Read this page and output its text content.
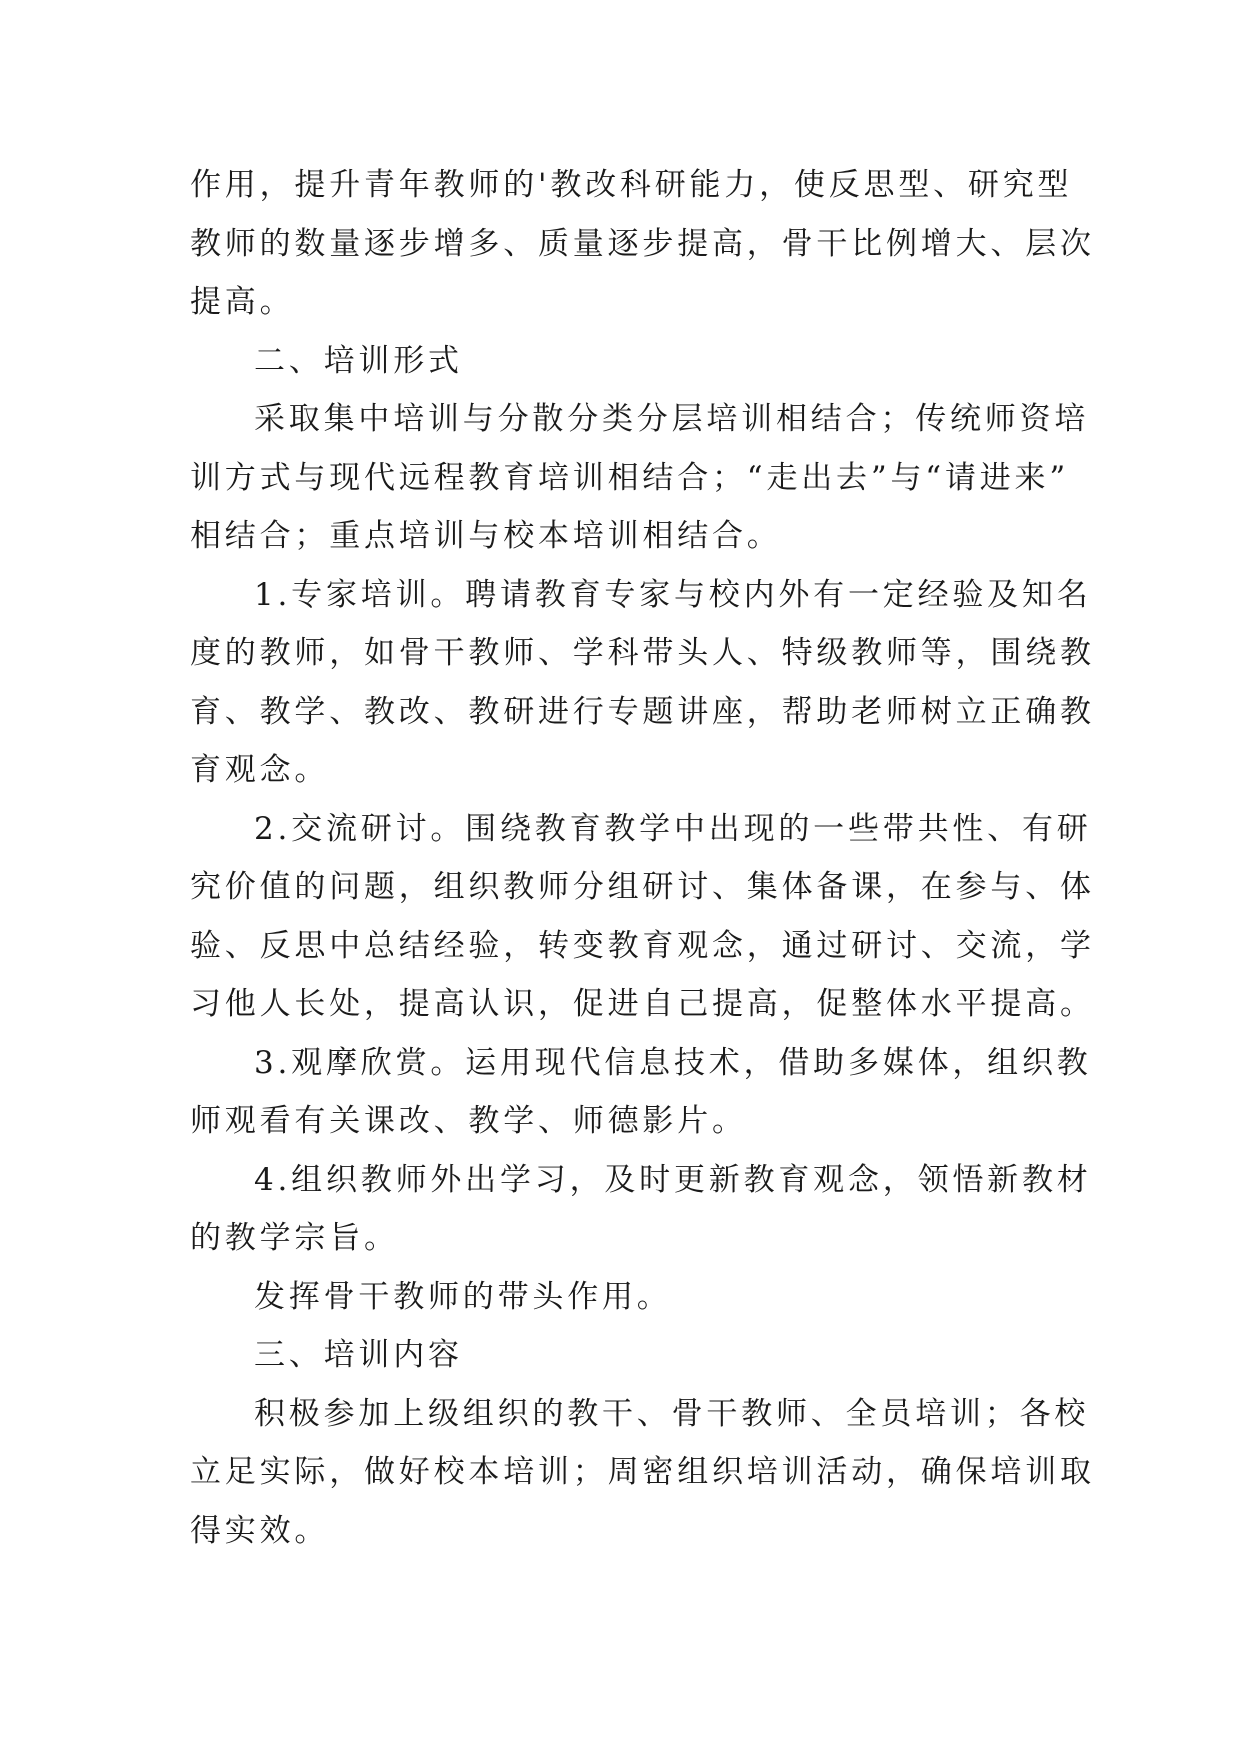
作用，提升青年教师的'教改科研能力，使反思型、研究型
教师的数量逐步增多、质量逐步提高，骨干比例增大、层次
提高。
二、培训形式
采取集中培训与分散分类分层培训相结合；传统师资培
训方式与现代远程教育培训相结合；“走出去”与“请进来”
相结合；重点培训与校本培训相结合。
1.专家培训。聘请教育专家与校内外有一定经验及知名
度的教师，如骨干教师、学科带头人、特级教师等，围绕教
育、教学、教改、教研进行专题讲座，帮助老师树立正确教
育观念。
2.交流研讨。围绕教育教学中出现的一些带共性、有研
究价值的问题，组织教师分组研讨、集体备课，在参与、体
验、反思中总结经验，转变教育观念，通过研讨、交流，学
习他人长处，提高认识，促进自己提高，促整体水平提高。
3.观摩欣赏。运用现代信息技术，借助多媒体，组织教
师观看有关课改、教学、师德影片。
4.组织教师外出学习，及时更新教育观念，领悟新教材
的教学宗旨。
发挥骨干教师的带头作用。
三、培训内容
积极参加上级组织的教干、骨干教师、全员培训；各校
立足实际，做好校本培训；周密组织培训活动，确保培训取
得实效。
